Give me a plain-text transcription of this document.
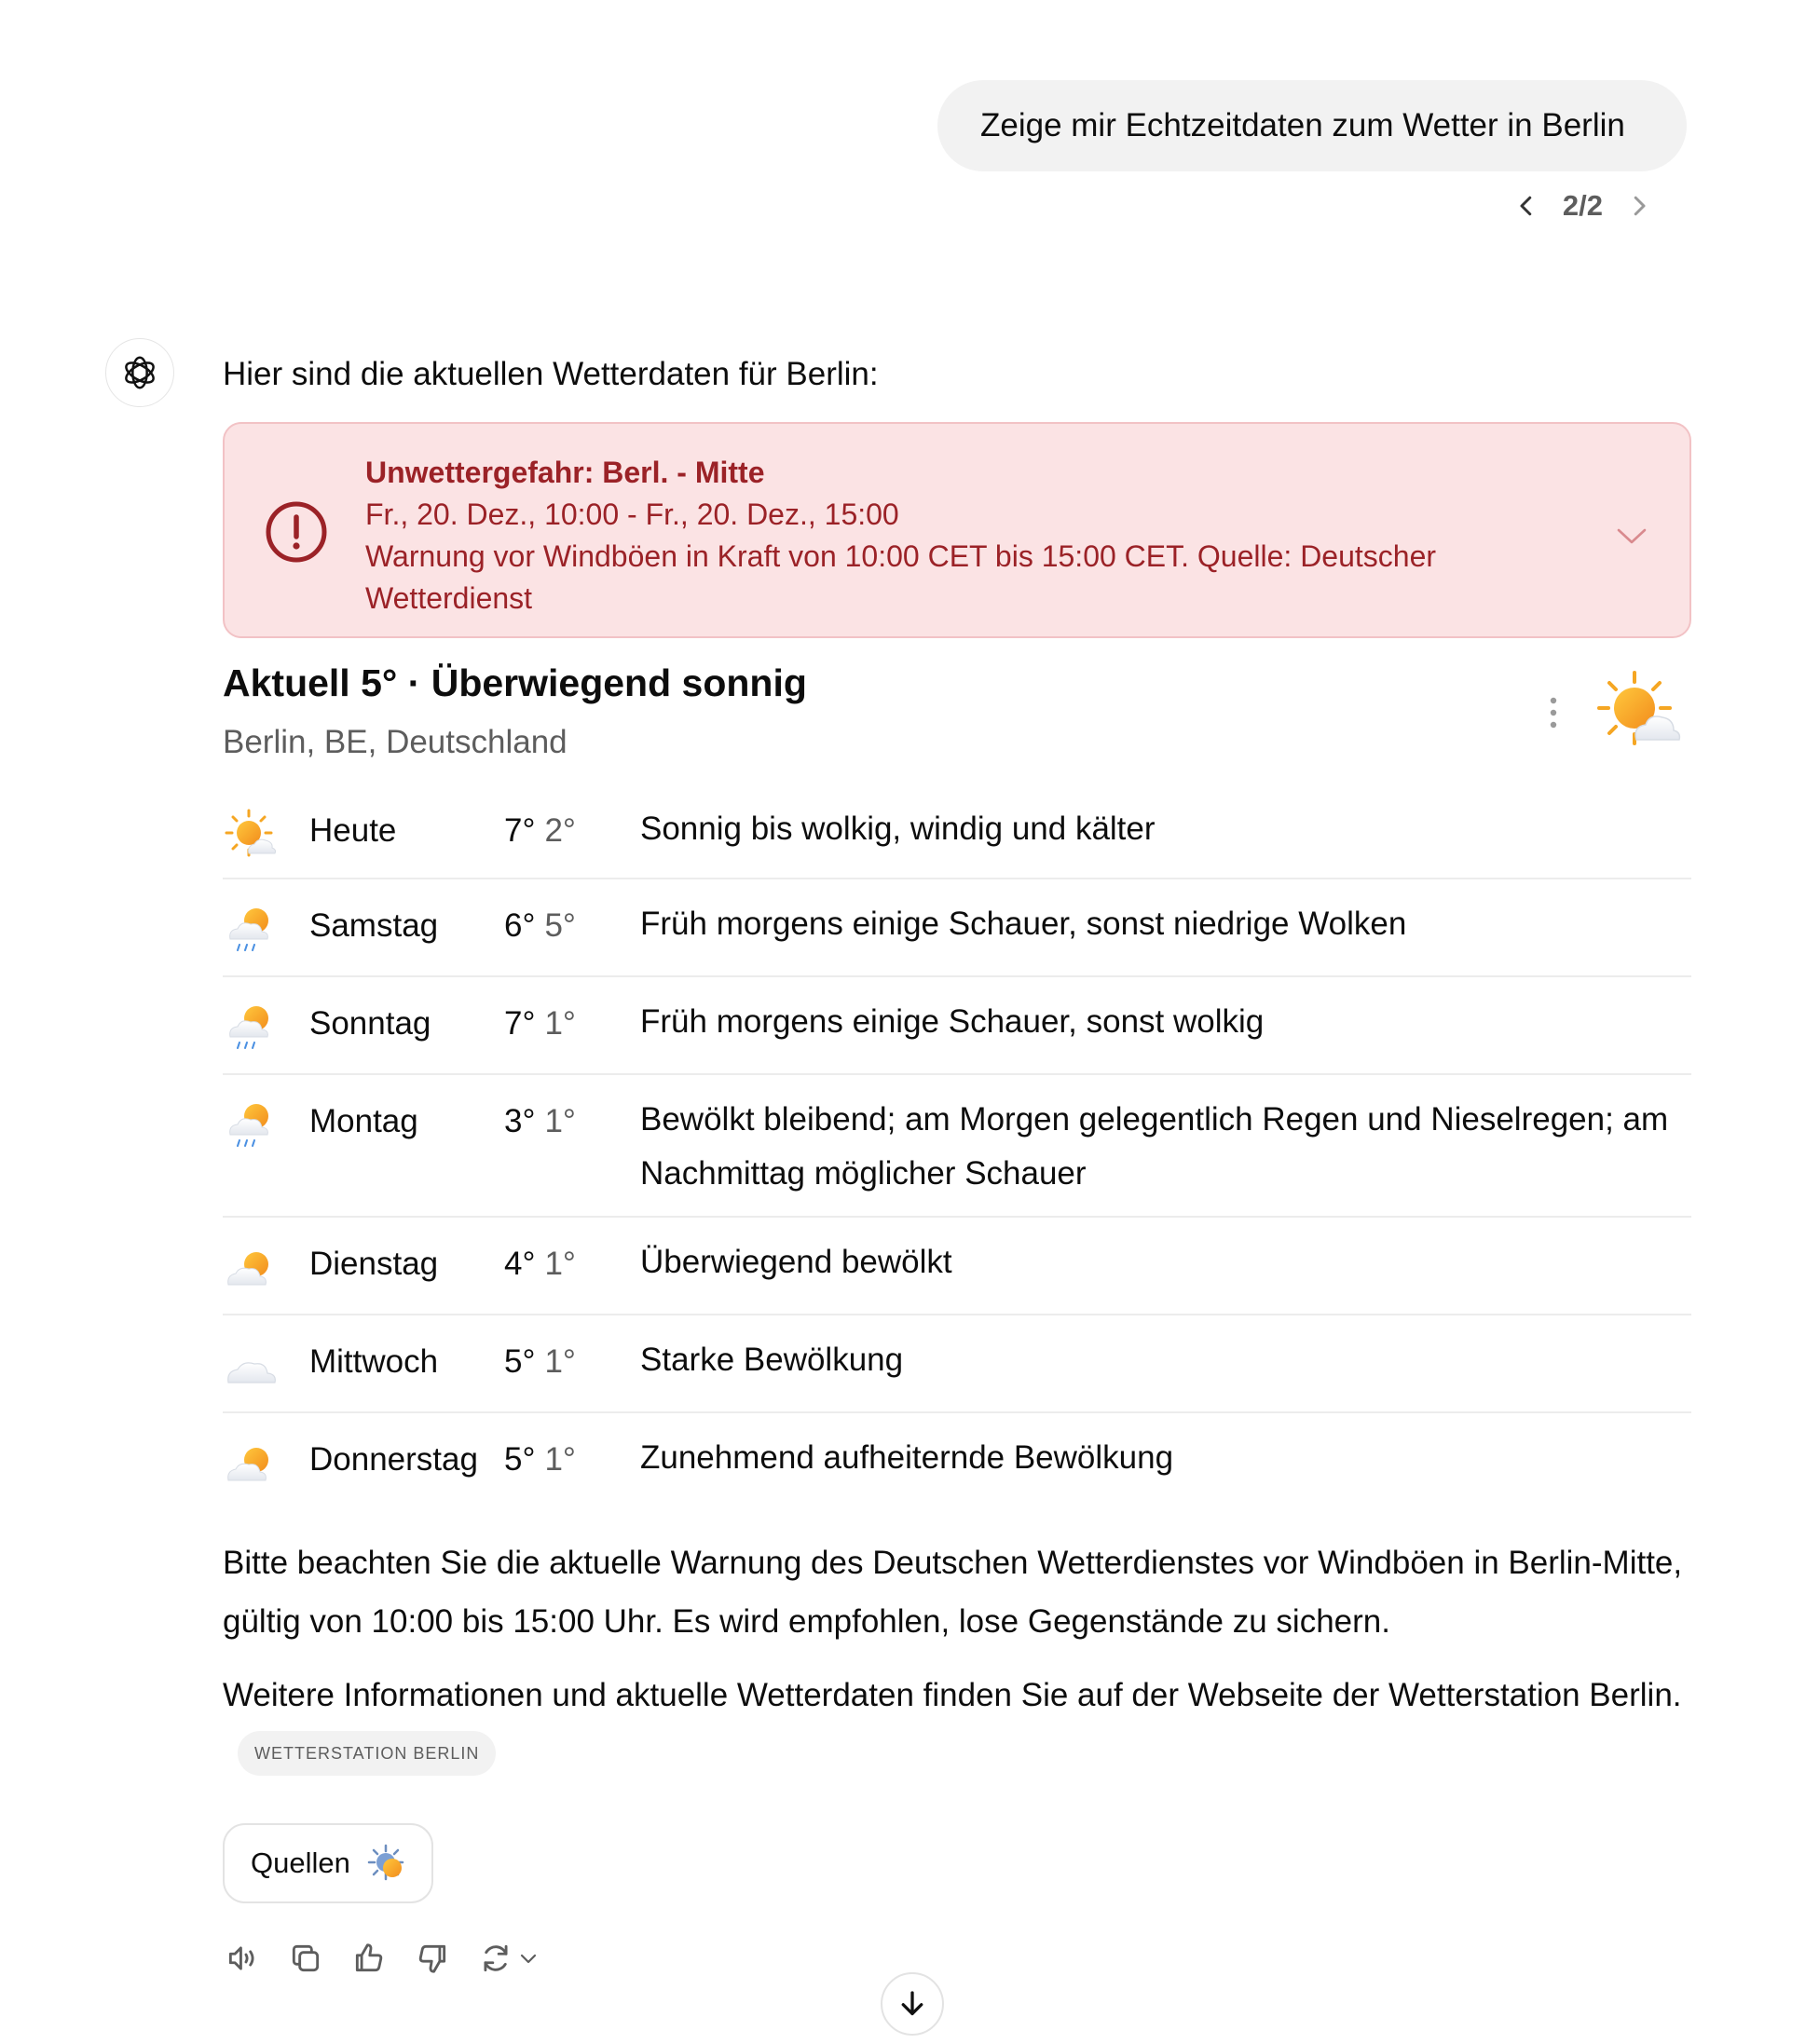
Zeige mir Echtzeitdaten zum Wetter in Berlin
2/2
Hier sind die aktuellen Wetterdaten für Berlin:
Unwettergefahr: Berl. - Mitte
Fr., 20. Dez., 10:00 - Fr., 20. Dez., 15:00
Warnung vor Windböen in Kraft von 10:00 CET bis 15:00 CET. Quelle: Deutscher Wetterdienst
Aktuell 5° · Überwiegend sonnig
Berlin, BE, Deutschland
Heute	7° 2° Sonnig bis wolkig, windig und kälter
Samstag 6° 5° Früh morgens einige Schauer, sonst niedrige Wolken
Sonntag 7° 1° Früh morgens einige Schauer, sonst wolkig
Montag	3° 1° Bewölkt bleibend; am Morgen gelegentlich Regen und Nieselregen; am Nachmittag möglicher Schauer
Dienstag 4° 1° Überwiegend bewölkt
Mittwoch 5° 1° Starke Bewölkung
Donnerstag 5° 1° Zunehmend aufheiternde Bewölkung
Bitte beachten Sie die aktuelle Warnung des Deutschen Wetterdienstes vor Windböen in Berlin-Mitte, gültig von 10:00 bis 15:00 Uhr. Es wird empfohlen, lose Gegenstände zu sichern.
Weitere Informationen und aktuelle Wetterdaten finden Sie auf der Webseite der Wetterstation Berlin.WETTERSTATION BERLIN
Quellen
